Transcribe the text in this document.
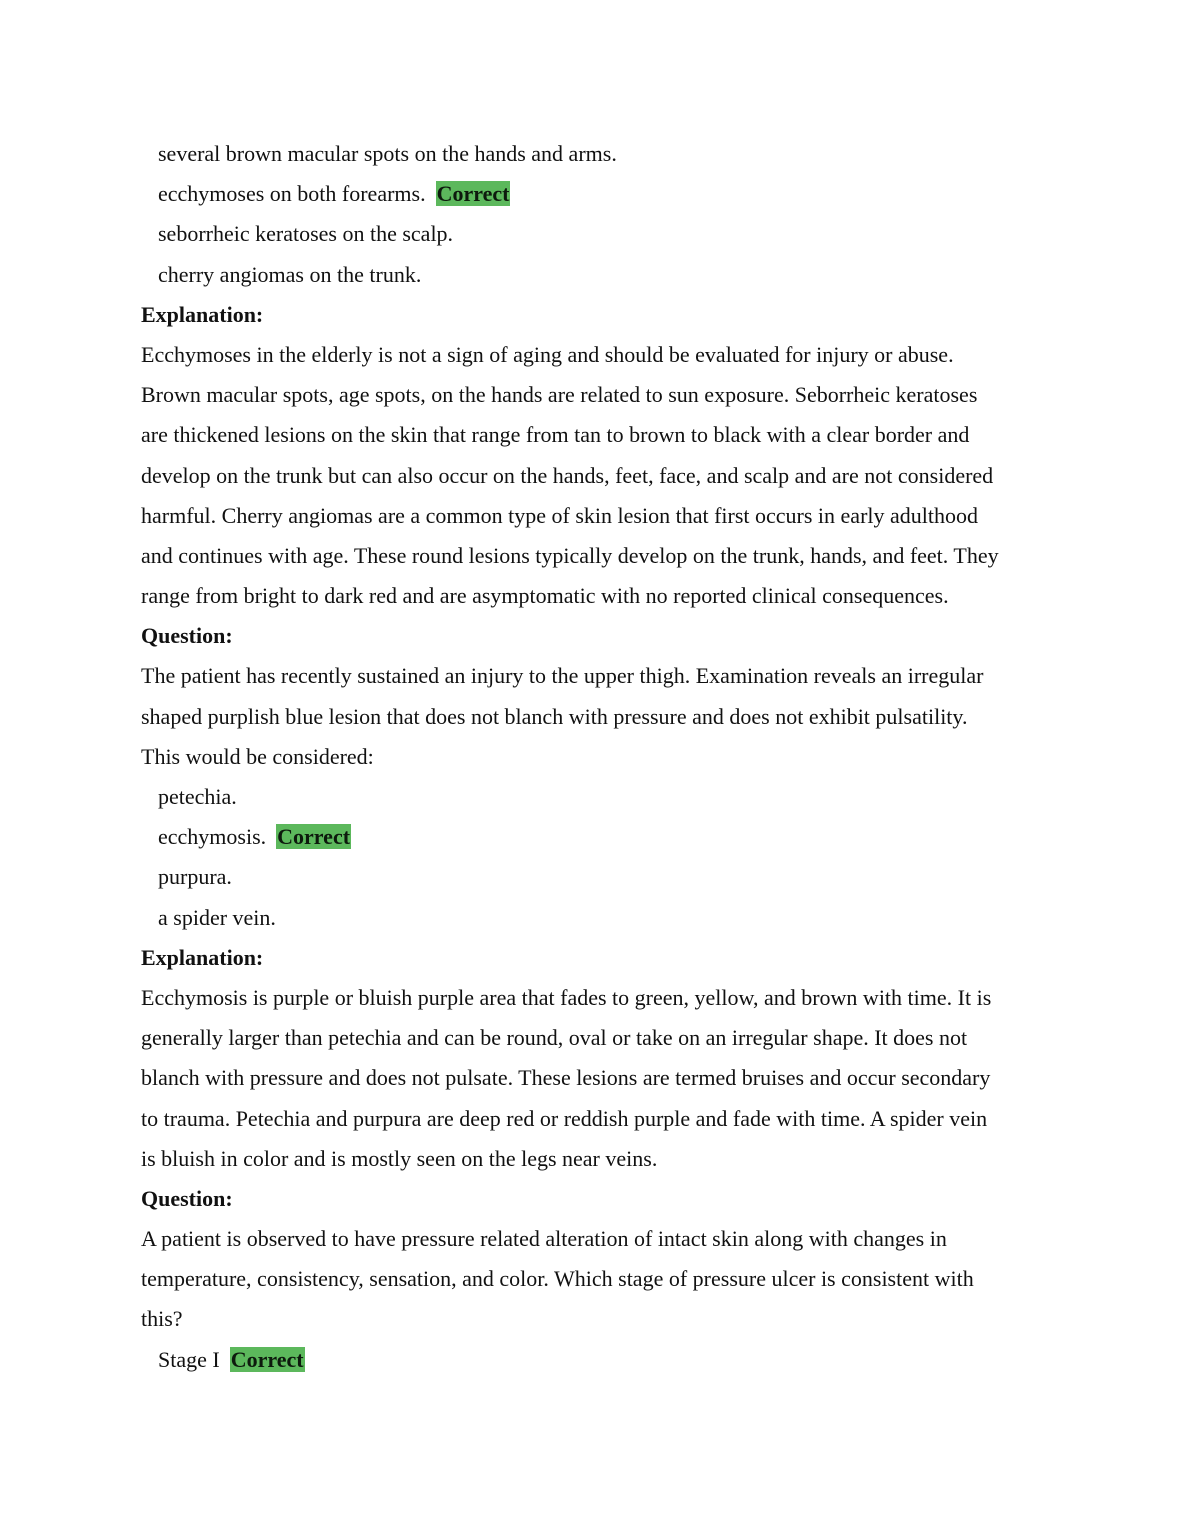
several brown macular spots on the hands and arms.
ecchymoses on both forearms. Correct
seborrheic keratoses on the scalp.
cherry angiomas on the trunk.
Explanation:
Ecchymoses in the elderly is not a sign of aging and should be evaluated for injury or abuse.
Brown macular spots, age spots, on the hands are related to sun exposure. Seborrheic keratoses
are thickened lesions on the skin that range from tan to brown to black with a clear border and
develop on the trunk but can also occur on the hands, feet, face, and scalp and are not considered
harmful. Cherry angiomas are a common type of skin lesion that first occurs in early adulthood
and continues with age. These round lesions typically develop on the trunk, hands, and feet. They
range from bright to dark red and are asymptomatic with no reported clinical consequences.
Question:
The patient has recently sustained an injury to the upper thigh. Examination reveals an irregular
shaped purplish blue lesion that does not blanch with pressure and does not exhibit pulsatility.
This would be considered:
petechia.
ecchymosis. Correct
purpura.
a spider vein.
Explanation:
Ecchymosis is purple or bluish purple area that fades to green, yellow, and brown with time. It is
generally larger than petechia and can be round, oval or take on an irregular shape. It does not
blanch with pressure and does not pulsate. These lesions are termed bruises and occur secondary
to trauma. Petechia and purpura are deep red or reddish purple and fade with time. A spider vein
is bluish in color and is mostly seen on the legs near veins.
Question:
A patient is observed to have pressure related alteration of intact skin along with changes in
temperature, consistency, sensation, and color. Which stage of pressure ulcer is consistent with
this?
Stage I Correct
